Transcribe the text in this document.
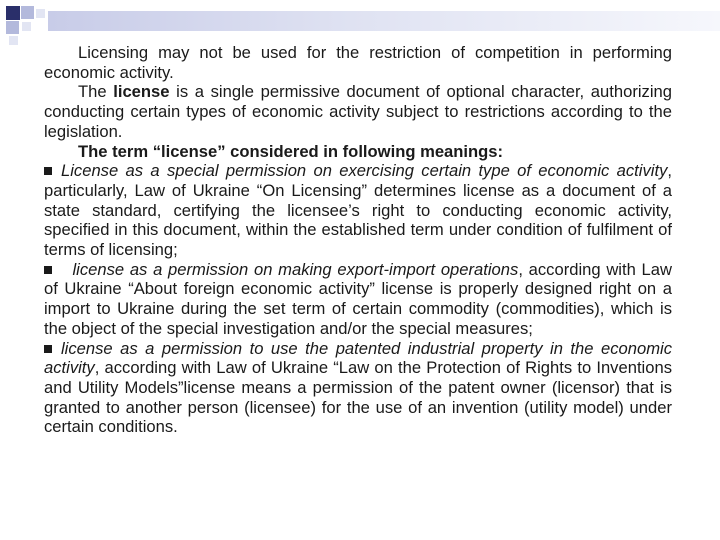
Licensing may not be used for the restriction of competition in performing economic activity.

The license is a single permissive document of optional character, authorizing conducting certain types of economic activity subject to restrictions according to the legislation.

The term “license” considered in following meanings:

License as a special permission on exercising certain type of economic activity, particularly, Law of Ukraine “On Licensing” determines license as a document of a state standard, certifying the licensee’s right to conducting economic activity, specified in this document, within the established term under condition of fulfilment of terms of licensing;

license as a permission on making export-import operations, according with Law of Ukraine “About foreign economic activity” license is properly designed right on a import to Ukraine during the set term of certain commodity (commodities), which is the object of the special investigation and/or the special measures;

license as a permission to use the patented industrial property in the economic activity, according with Law of Ukraine “Law on the Protection of Rights to Inventions and Utility Models”license means a permission of the patent owner (licensor) that is granted to another person (licensee) for the use of an invention (utility model) under certain conditions.
